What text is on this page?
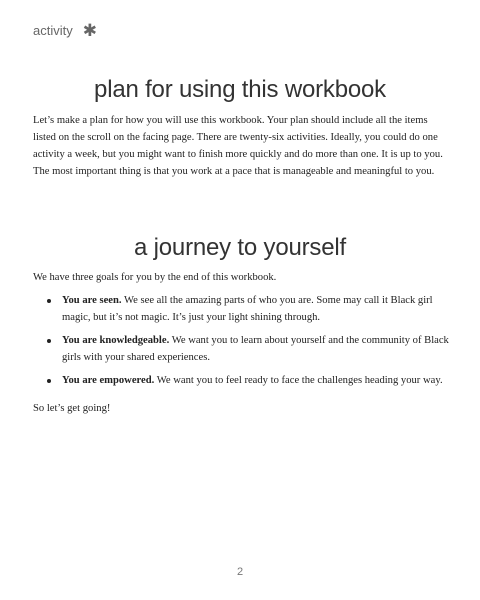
activity ✱
plan for using this workbook

Let’s make a plan for how you will use this workbook. Your plan should include all the items listed on the scroll on the facing page. There are twenty-six activities. Ideally, you could do one activity a week, but you might want to finish more quickly and do more than one. It is up to you. The most important thing is that you work at a pace that is manageable and meaningful to you.

a journey to yourself

We have three goals for you by the end of this workbook.

You are seen. We see all the amazing parts of who you are. Some may call it Black girl magic, but it’s not magic. It’s just your light shining through.
You are knowledgeable. We want you to learn about yourself and the community of Black girls with your shared experiences.
You are empowered. We want you to feel ready to face the challenges heading your way.

So let’s get going!

2
